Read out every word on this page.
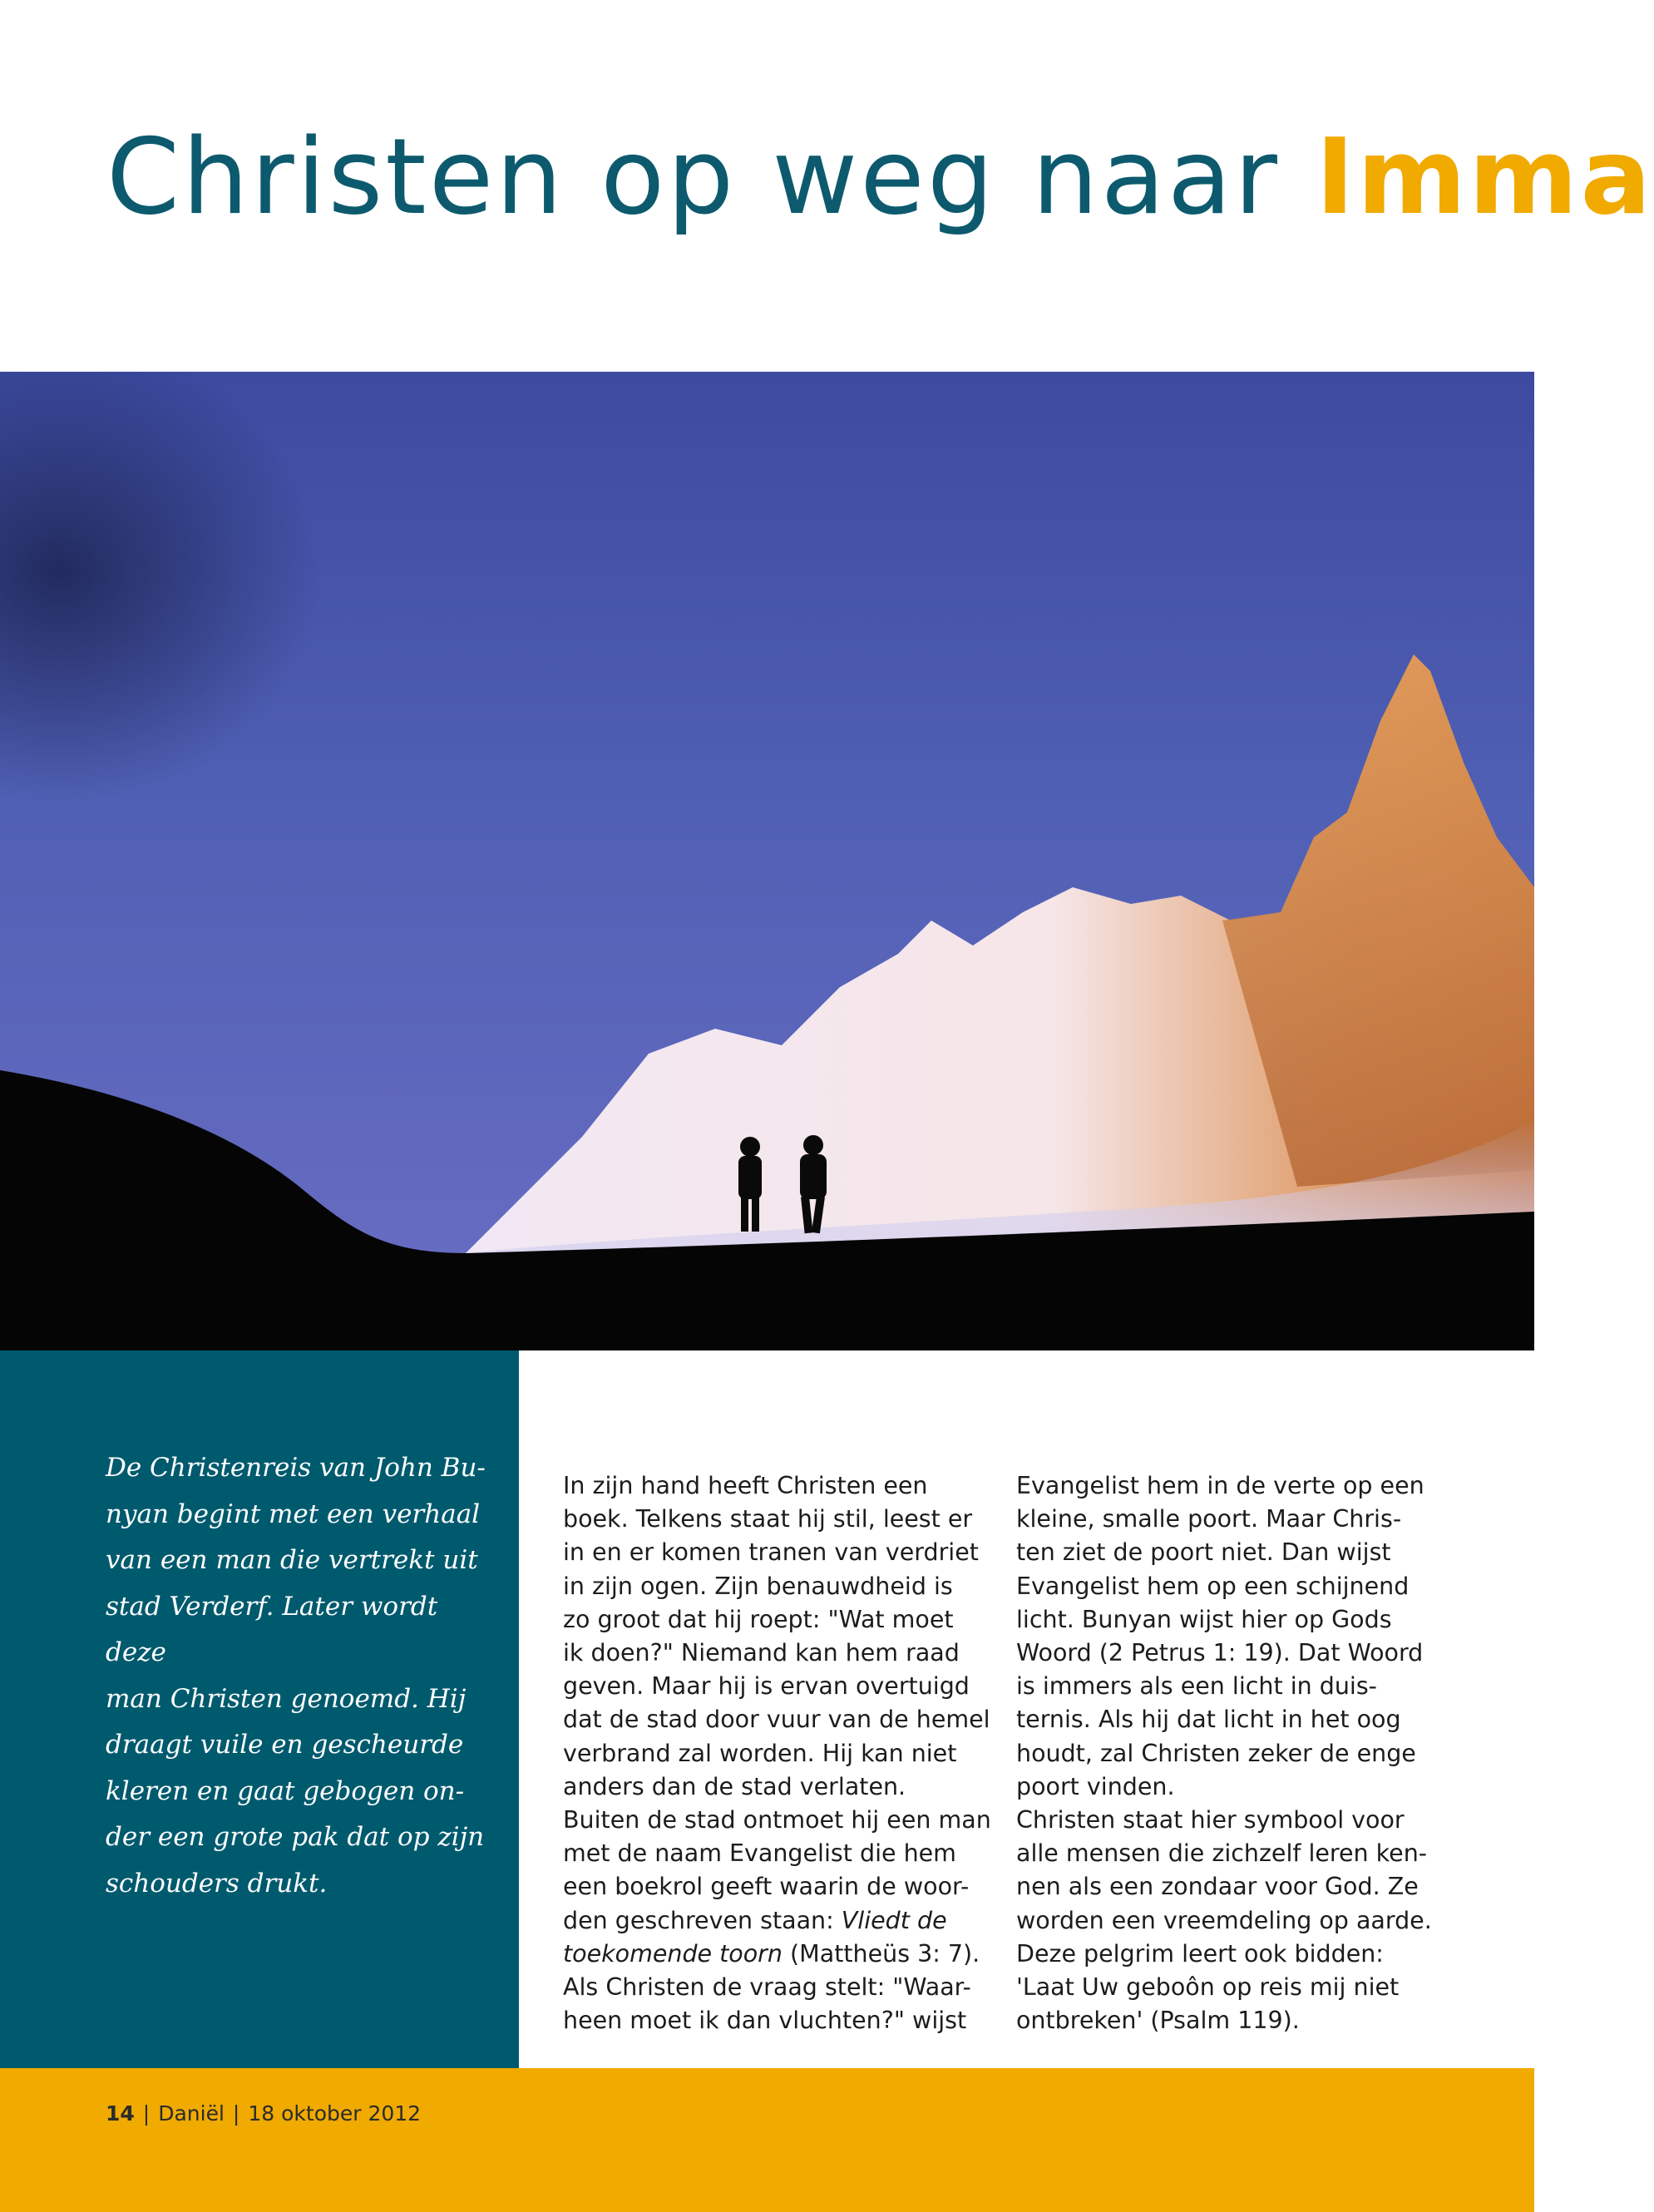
Christen op weg naar Imma

De Christenreis van John Bu-
nyan begint met een verhaal
van een man die vertrekt uit
stad Verderf. Later wordt deze
man Christen genoemd. Hij
draagt vuile en gescheurde
kleren en gaat gebogen on-
der een grote pak dat op zijn
schouders drukt.

In zijn hand heeft Christen een
boek. Telkens staat hij stil, leest er
in en er komen tranen van verdriet
in zijn ogen. Zijn benauwdheid is
zo groot dat hij roept: "Wat moet
ik doen?" Niemand kan hem raad
geven. Maar hij is ervan overtuigd
dat de stad door vuur van de hemel
verbrand zal worden. Hij kan niet
anders dan de stad verlaten.
Buiten de stad ontmoet hij een man
met de naam Evangelist die hem
een boekrol geeft waarin de woor-
den geschreven staan: Vliedt de
toekomende toorn (Mattheüs 3: 7).
Als Christen de vraag stelt: "Waar-
heen moet ik dan vluchten?" wijst
Evangelist hem in de verte op een
kleine, smalle poort. Maar Chris-
ten ziet de poort niet. Dan wijst
Evangelist hem op een schijnend
licht. Bunyan wijst hier op Gods
Woord (2 Petrus 1: 19). Dat Woord
is immers als een licht in duis-
ternis. Als hij dat licht in het oog
houdt, zal Christen zeker de enge
poort vinden.
Christen staat hier symbool voor
alle mensen die zichzelf leren ken-
nen als een zondaar voor God. Ze
worden een vreemdeling op aarde.
Deze pelgrim leert ook bidden:
'Laat Uw geboôn op reis mij niet
ontbreken' (Psalm 119).
14 | Daniël | 18 oktober 2012
